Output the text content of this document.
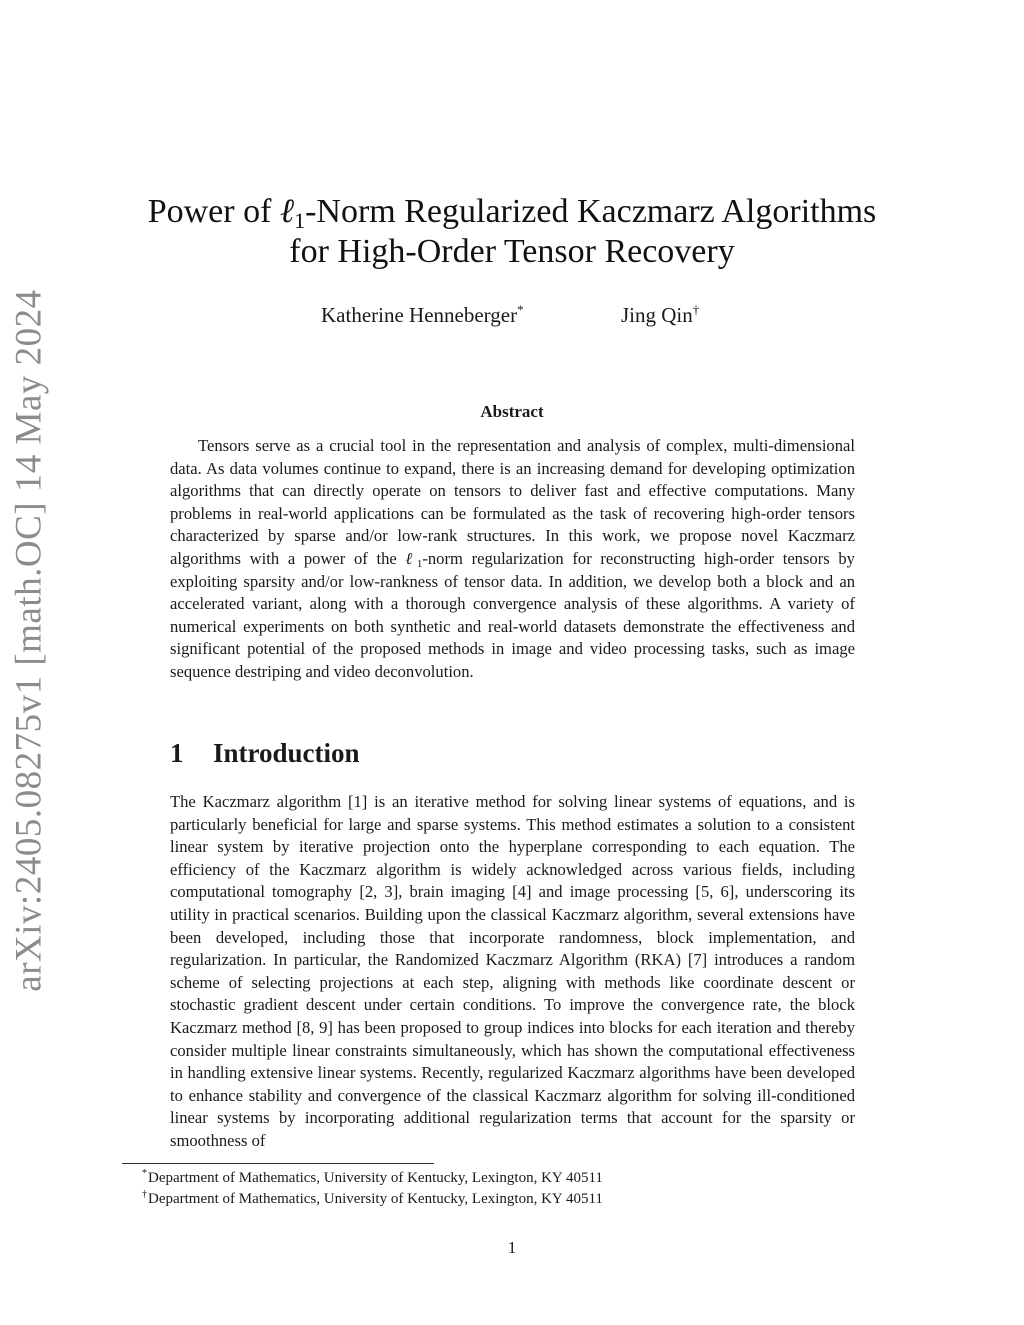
arXiv:2405.08275v1 [math.OC] 14 May 2024
Power of ℓ$_1$-Norm Regularized Kaczmarz Algorithms
for High-Order Tensor Recovery
Katherine Henneberger*	Jing Qin†
Abstract

Tensors serve as a crucial tool in the representation and analysis of complex, multi-dimensional data. As data volumes continue to expand, there is an increasing demand for developing optimization algorithms that can directly operate on tensors to deliver fast and effective computations. Many problems in real-world applications can be formulated as the task of recovering high-order tensors characterized by sparse and/or low-rank structures. In this work, we propose novel Kaczmarz algorithms with a power of the ℓ1-norm regularization for reconstructing high-order tensors by exploiting sparsity and/or low-rankness of tensor data. In addition, we develop both a block and an accelerated variant, along with a thorough convergence analysis of these algorithms. A variety of numerical experiments on both synthetic and real-world datasets demonstrate the effectiveness and significant potential of the proposed methods in image and video processing tasks, such as image sequence destriping and video deconvolution.

1 Introduction

The Kaczmarz algorithm [1] is an iterative method for solving linear systems of equations, and is particularly beneficial for large and sparse systems. This method estimates a solution to a consistent linear system by iterative projection onto the hyperplane corresponding to each equation. The efficiency of the Kaczmarz algorithm is widely acknowledged across various fields, including computational tomography [2, 3], brain imaging [4] and image processing [5, 6], underscoring its utility in practical scenarios. Building upon the classical Kaczmarz algorithm, several extensions have been developed, including those that incorporate randomness, block implementation, and regularization. In particular, the Randomized Kaczmarz Algorithm (RKA) [7] introduces a random scheme of selecting projections at each step, aligning with methods like coordinate descent or stochastic gradient descent under certain conditions. To improve the convergence rate, the block Kaczmarz method [8, 9] has been proposed to group indices into blocks for each iteration and thereby consider multiple linear constraints simultaneously, which has shown the computational effectiveness in handling extensive linear systems. Recently, regularized Kaczmarz algorithms have been developed to enhance stability and convergence of the classical Kaczmarz algorithm for solving ill-conditioned linear systems by incorporating additional regularization terms that account for the sparsity or smoothness of

*Department of Mathematics, University of Kentucky, Lexington, KY 40511
†Department of Mathematics, University of Kentucky, Lexington, KY 40511
1
